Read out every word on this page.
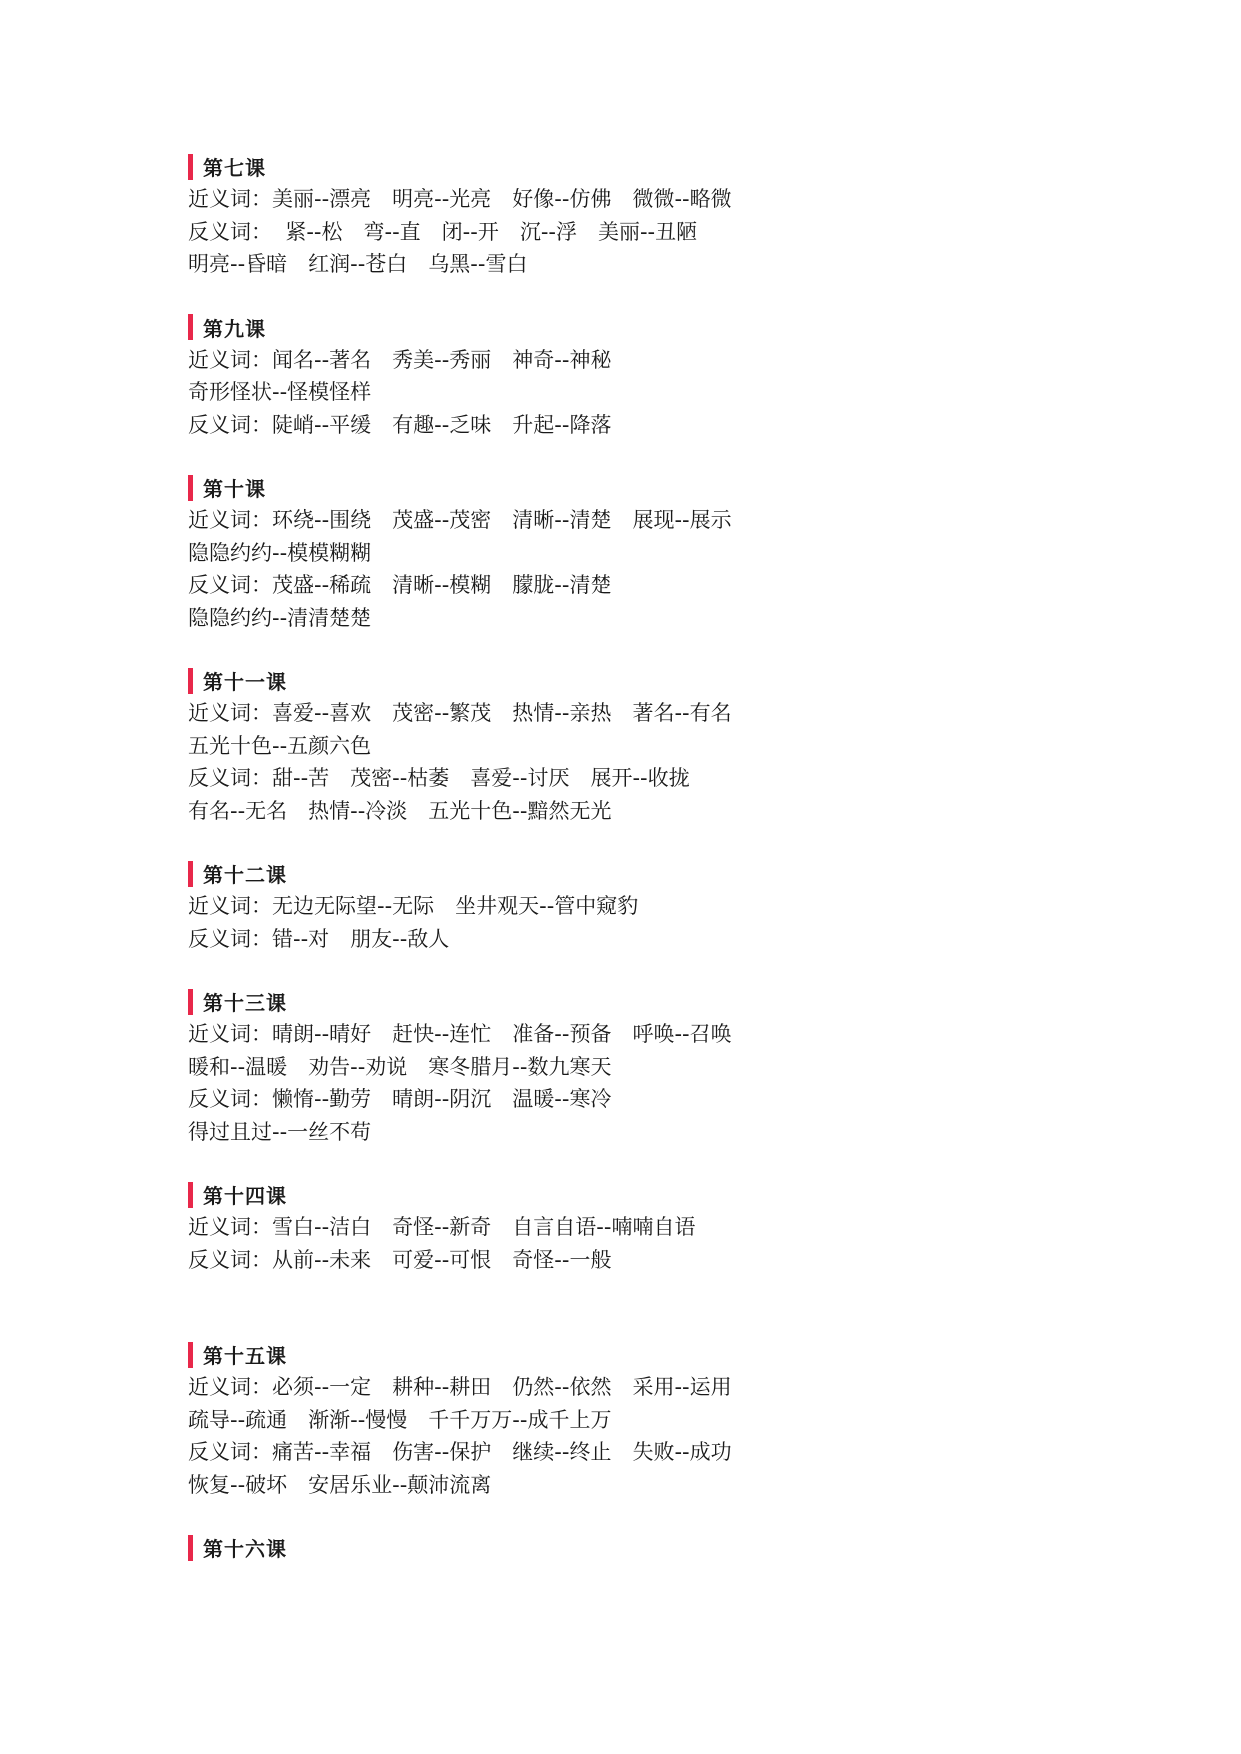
第七课
近义词：美丽--漂亮　明亮--光亮　好像--仿佛　微微--略微
反义词：  紧--松　弯--直　闭--开　沉--浮　美丽--丑陋
明亮--昏暗　红润--苍白　乌黑--雪白
第九课
近义词：闻名--著名　秀美--秀丽　神奇--神秘
奇形怪状--怪模怪样
反义词：陡峭--平缓　有趣--乏味　升起--降落
第十课
近义词：环绕--围绕　茂盛--茂密　清晰--清楚　展现--展示
隐隐约约--模模糊糊
反义词：茂盛--稀疏　清晰--模糊　朦胧--清楚
隐隐约约--清清楚楚
第十一课
近义词：喜爱--喜欢　茂密--繁茂　热情--亲热　著名--有名
五光十色--五颜六色
反义词：甜--苦　茂密--枯萎　喜爱--讨厌　展开--收拢
有名--无名　热情--冷淡　五光十色--黯然无光
第十二课
近义词：无边无际望--无际　坐井观天--管中窥豹
反义词：错--对　朋友--敌人
第十三课
近义词：晴朗--晴好　赶快--连忙　准备--预备　呼唤--召唤
暖和--温暖　劝告--劝说　寒冬腊月--数九寒天
反义词：懒惰--勤劳　晴朗--阴沉　温暖--寒冷
得过且过--一丝不苟
第十四课
近义词：雪白--洁白　奇怪--新奇　自言自语--喃喃自语
反义词：从前--未来　可爱--可恨　奇怪--一般
第十五课
近义词：必须--一定　耕种--耕田　仍然--依然　采用--运用
疏导--疏通　渐渐--慢慢　千千万万--成千上万
反义词：痛苦--幸福　伤害--保护　继续--终止　失败--成功
恢复--破坏　安居乐业--颠沛流离
第十六课
